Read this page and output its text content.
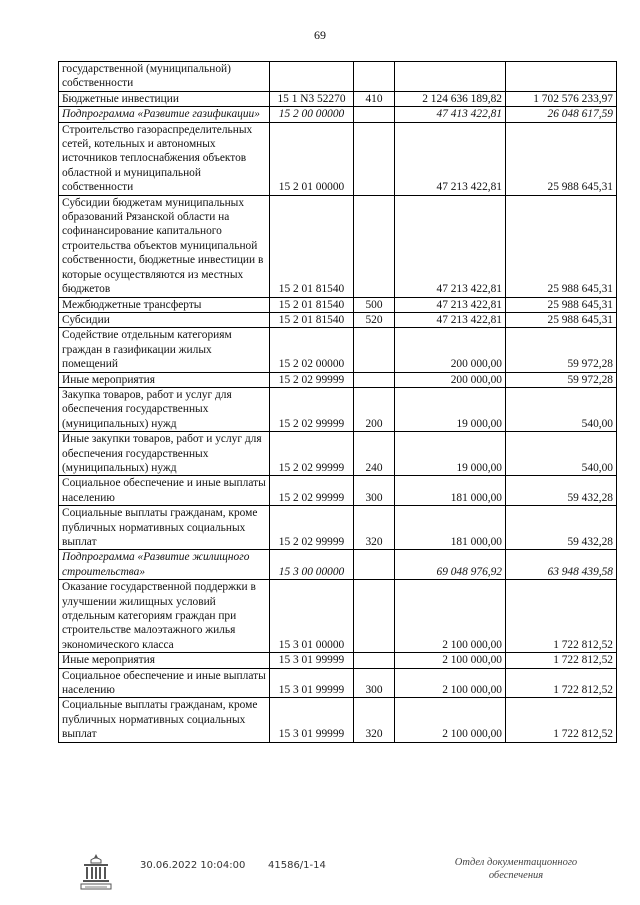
69
государственной (муниципальной) собственности				
Бюджетные инвестиции	15 1 N3 52270	410	2 124 636 189,82	1 702 576 233,97
Подпрограмма «Развитие газификации»	15 2 00 00000		47 413 422,81	26 048 617,59
Строительство газораспределительных сетей, котельных и автономных источников теплоснабжения объектов областной и муниципальной собственности	15 2 01 00000		47 213 422,81	25 988 645,31
Субсидии бюджетам муниципальных образований Рязанской области на софинансирование капитального строительства объектов муниципальной собственности, бюджетные инвестиции в которые осуществляются из местных бюджетов	15 2 01 81540		47 213 422,81	25 988 645,31
Межбюджетные трансферты	15 2 01 81540	500	47 213 422,81	25 988 645,31
Субсидии	15 2 01 81540	520	47 213 422,81	25 988 645,31
Содействие отдельным категориям граждан в газификации жилых помещений	15 2 02 00000		200 000,00	59 972,28
Иные мероприятия	15 2 02 99999		200 000,00	59 972,28
Закупка товаров, работ и услуг для обеспечения государственных (муниципальных) нужд	15 2 02 99999	200	19 000,00	540,00
Иные закупки товаров, работ и услуг для обеспечения государственных (муниципальных) нужд	15 2 02 99999	240	19 000,00	540,00
Социальное обеспечение и иные выплаты населению	15 2 02 99999	300	181 000,00	59 432,28
Социальные выплаты гражданам, кроме публичных нормативных социальных выплат	15 2 02 99999	320	181 000,00	59 432,28
Подпрограмма «Развитие жилищного строительства»	15 3 00 00000		69 048 976,92	63 948 439,58
Оказание государственной поддержки в улучшении жилищных условий отдельным категориям граждан при строительстве малоэтажного жилья экономического класса	15 3 01 00000		2 100 000,00	1 722 812,52
Иные мероприятия	15 3 01 99999		2 100 000,00	1 722 812,52
Социальное обеспечение и иные выплаты населению	15 3 01 99999	300	2 100 000,00	1 722 812,52
Социальные выплаты гражданам, кроме публичных нормативных социальных выплат	15 3 01 99999	320	2 100 000,00	1 722 812,52
30.06.2022 10:04:00 41586/1-14	Отдел документационного обеспечения
